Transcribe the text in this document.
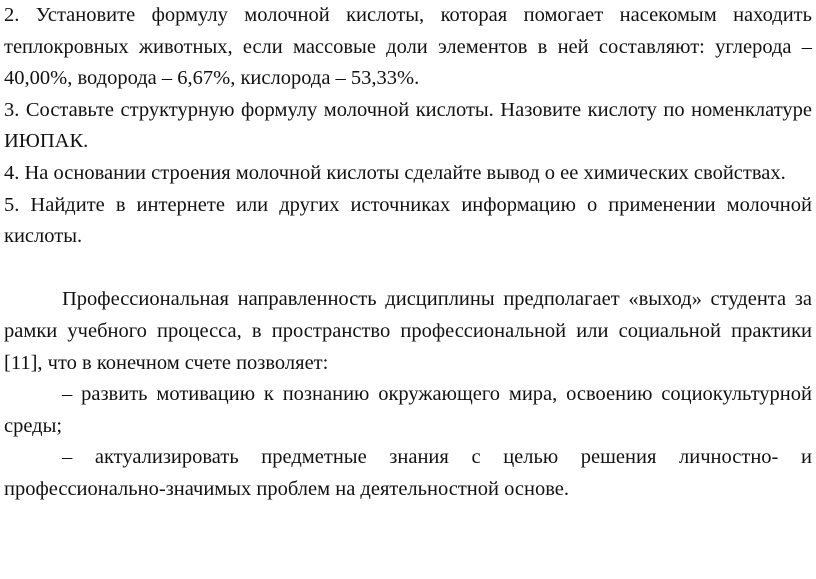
2. Установите формулу молочной кислоты, которая помогает насекомым находить теплокровных животных, если массовые доли элементов в ней составляют: углерода – 40,00%, водорода – 6,67%, кислорода – 53,33%.

3. Составьте структурную формулу молочной кислоты. Назовите кислоту по номенклатуре ИЮПАК.

4. На основании строения молочной кислоты сделайте вывод о ее химических свойствах.

5. Найдите в интернете или других источниках информацию о применении молочной кислоты.

Профессиональная направленность дисциплины предполагает «выход» студента за рамки учебного процесса, в пространство профессиональной или социальной практики [11], что в конечном счете позволяет:

– развить мотивацию к познанию окружающего мира, освоению социокультурной среды;

– актуализировать предметные знания с целью решения личностно- и профессионально-значимых проблем на деятельностной основе.
